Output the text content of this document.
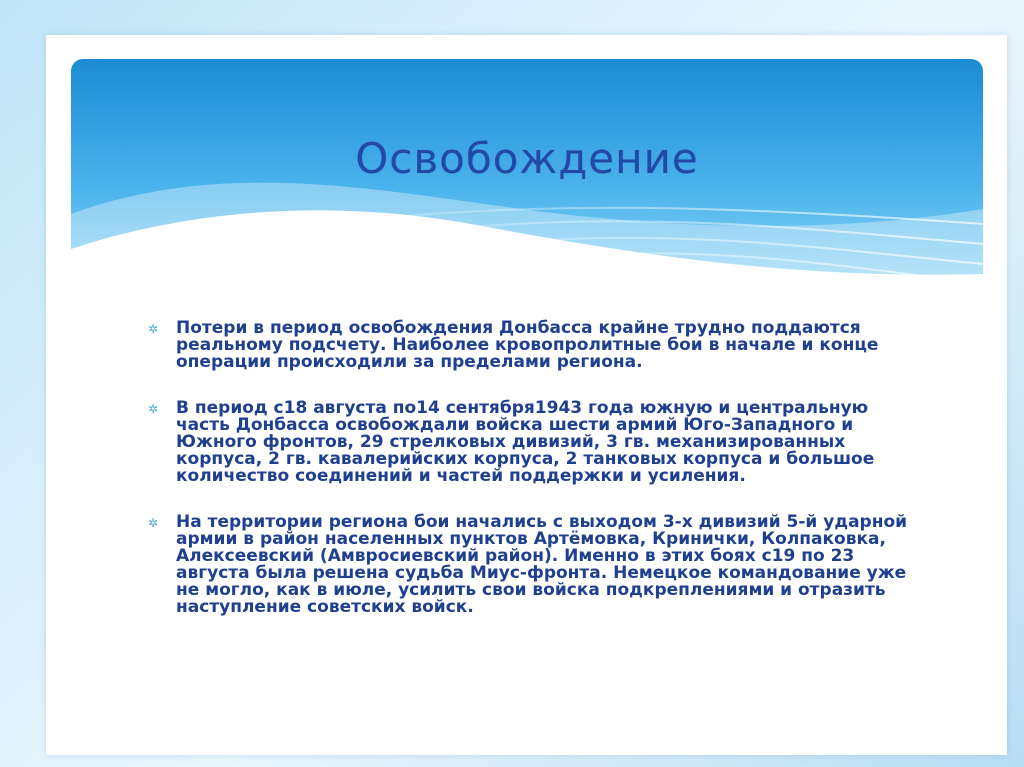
Освобождение
✲ Потери в период освобождения Донбасса крайне трудно поддаются реальному подсчету. Наиболее кровопролитные бои в начале и конце операции происходили за пределами региона.
✲ В период с18 августа по14 сентября1943 года южную и центральную часть Донбасса освобождали войска шести армий Юго-Западного и Южного фронтов, 29 стрелковых дивизий, 3 гв. механизированных корпуса, 2 гв. кавалерийских корпуса, 2 танковых корпуса и большое количество соединений и частей поддержки и усиления.
✲ На территории региона бои начались с выходом 3-х дивизий 5-й ударной армии в район населенных пунктов Артёмовка, Кринички, Колпаковка, Алексеевский (Амвросиевский район). Именно в этих боях с19 по 23 августа была решена судьба Миус-фронта. Немецкое командование уже не могло, как в июле, усилить свои войска подкреплениями и отразить наступление советских войск.
